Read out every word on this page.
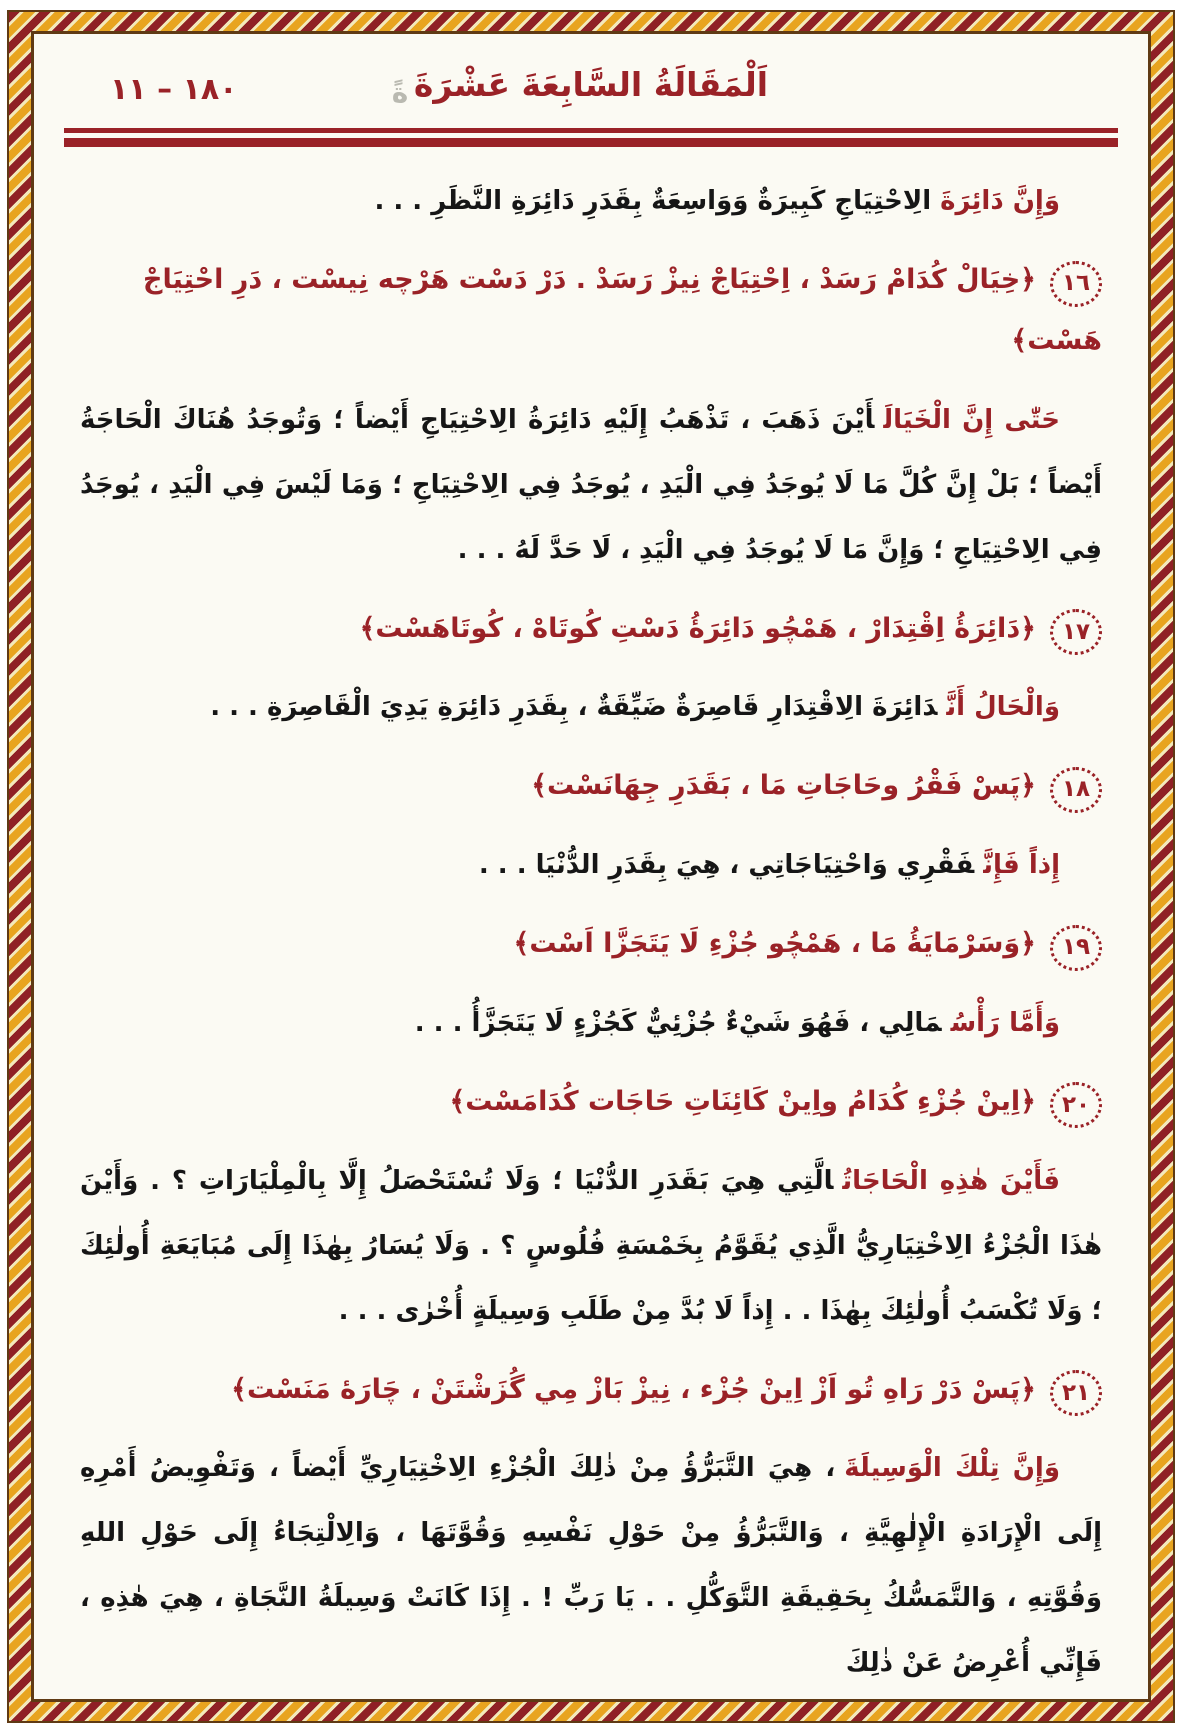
١٨٠ – ١١	ةً اَلْمَقَالَةُ السَّابِعَةَ عَشْرَةَ

وَإِنَّ دَائِرَةَالِاحْتِيَاجِ كَبِيرَةٌ وَوَاسِعَةٌ بِقَدَرِ دَائِرَةِ النَّظَرِ . . .

١٦
﴿خِيَالْ كُدَامْ رَسَدْ ، اِحْتِيَاجْ نِيزْ رَسَدْ . دَرْ دَسْت هَرْچه نِيسْت ، دَرِ احْتِيَاجْ هَسْت﴾

حَتّٰى إِنَّ الْخَيَالَأَيْنَ ذَهَبَ ، تَذْهَبُ إِلَيْهِ دَائِرَةُ الِاحْتِيَاجِ أَيْضاً ؛ وَتُوجَدُ هُنَاكَ الْحَاجَةُ أَيْضاً ؛ بَلْ إِنَّ كُلَّ مَا لَا يُوجَدُ فِي الْيَدِ ، يُوجَدُ فِي الِاحْتِيَاجِ ؛ وَمَا لَيْسَ فِي الْيَدِ ، يُوجَدُ فِي الِاحْتِيَاجِ ؛ وَإِنَّ مَا لَا يُوجَدُ فِي الْيَدِ ، لَا حَدَّ لَهُ . . .

١٧
﴿دَائِرَهُٔ اِقْتِدَارْ ، هَمْچُو دَائِرَهُٔ دَسْتِ كُوتَاهْ ، كُوتَاهَسْت﴾

وَالْحَالُ أَنَّدَائِرَةَ الِاقْتِدَارِ قَاصِرَةٌ ضَيِّقَةٌ ، بِقَدَرِ دَائِرَةِ يَدِيَ الْقَاصِرَةِ . . .

١٨
﴿پَسْ فَقْرُ وحَاجَاتِ مَا ، بَقَدَرِ جِهَانَسْت﴾

إِذاً فَإِنَّفَقْرِي وَاحْتِيَاجَاتِي ، هِيَ بِقَدَرِ الدُّنْيَا . . .

١٩
﴿وَسَرْمَايَهُٔ مَا ، هَمْچُو جُزْءِ لَا يَتَجَزَّا اَسْت﴾

وَأَمَّا رَأْسُمَالِي ، فَهُوَ شَيْءٌ جُزْئِيٌّ كَجُزْءٍ لَا يَتَجَزَّأُ . . .

٢٠
﴿اِينْ جُزْءِ كُدَامُ واِينْ كَائِنَاتِ حَاجَات كُدَامَسْت﴾

فَأَيْنَ هٰذِهِ الْحَاجَاتُالَّتِي هِيَ بَقَدَرِ الدُّنْيَا ؛ وَلَا تُسْتَحْصَلُ إِلَّا بِالْمِلْيَارَاتِ ؟ . وَأَيْنَ هٰذَا الْجُزْءُ الِاخْتِيَارِيُّ الَّذِي يُقَوَّمُ بِخَمْسَةِ فُلُوسٍ ؟ . وَلَا يُسَارُ بِهٰذَا إِلَى مُبَايَعَةِ أُولٰئِكَ ؛ وَلَا تُكْسَبُ أُولٰئِكَ بِهٰذَا . . إِذاً لَا بُدَّ مِنْ طَلَبِ وَسِيلَةٍ أُخْرٰى . . .

٢١
﴿پَسْ دَرْ رَاهِ تُو اَزْ اِينْ جُزْء ، نِيزْ بَازْ مِي گُزَشْتَنْ ، چَارَهٔ مَنَسْت﴾

وَإِنَّ تِلْكَ الْوَسِيلَةَ، هِيَ التَّبَرُّؤُ مِنْ ذٰلِكَ الْجُزْءِ الِاخْتِيَارِيِّ أَيْضاً ، وَتَفْوِيضُ أَمْرِهِ إِلَى الْإِرَادَةِ الْإِلٰهِيَّةِ ، وَالتَّبَرُّؤُ مِنْ حَوْلِ نَفْسِهِ وَقُوَّتَهَا ، وَالِالْتِجَاءُ إِلَى حَوْلِ اللهِ وَقُوَّتِهِ ، وَالتَّمَسُّكُ بِحَقِيقَةِ التَّوَكُّلِ . . يَا رَبِّ ! . إِذَا كَانَتْ وَسِيلَةُ النَّجَاةِ ، هِيَ هٰذِهِ ، فَإِنِّي أُعْرِضُ عَنْ ذٰلِكَ
